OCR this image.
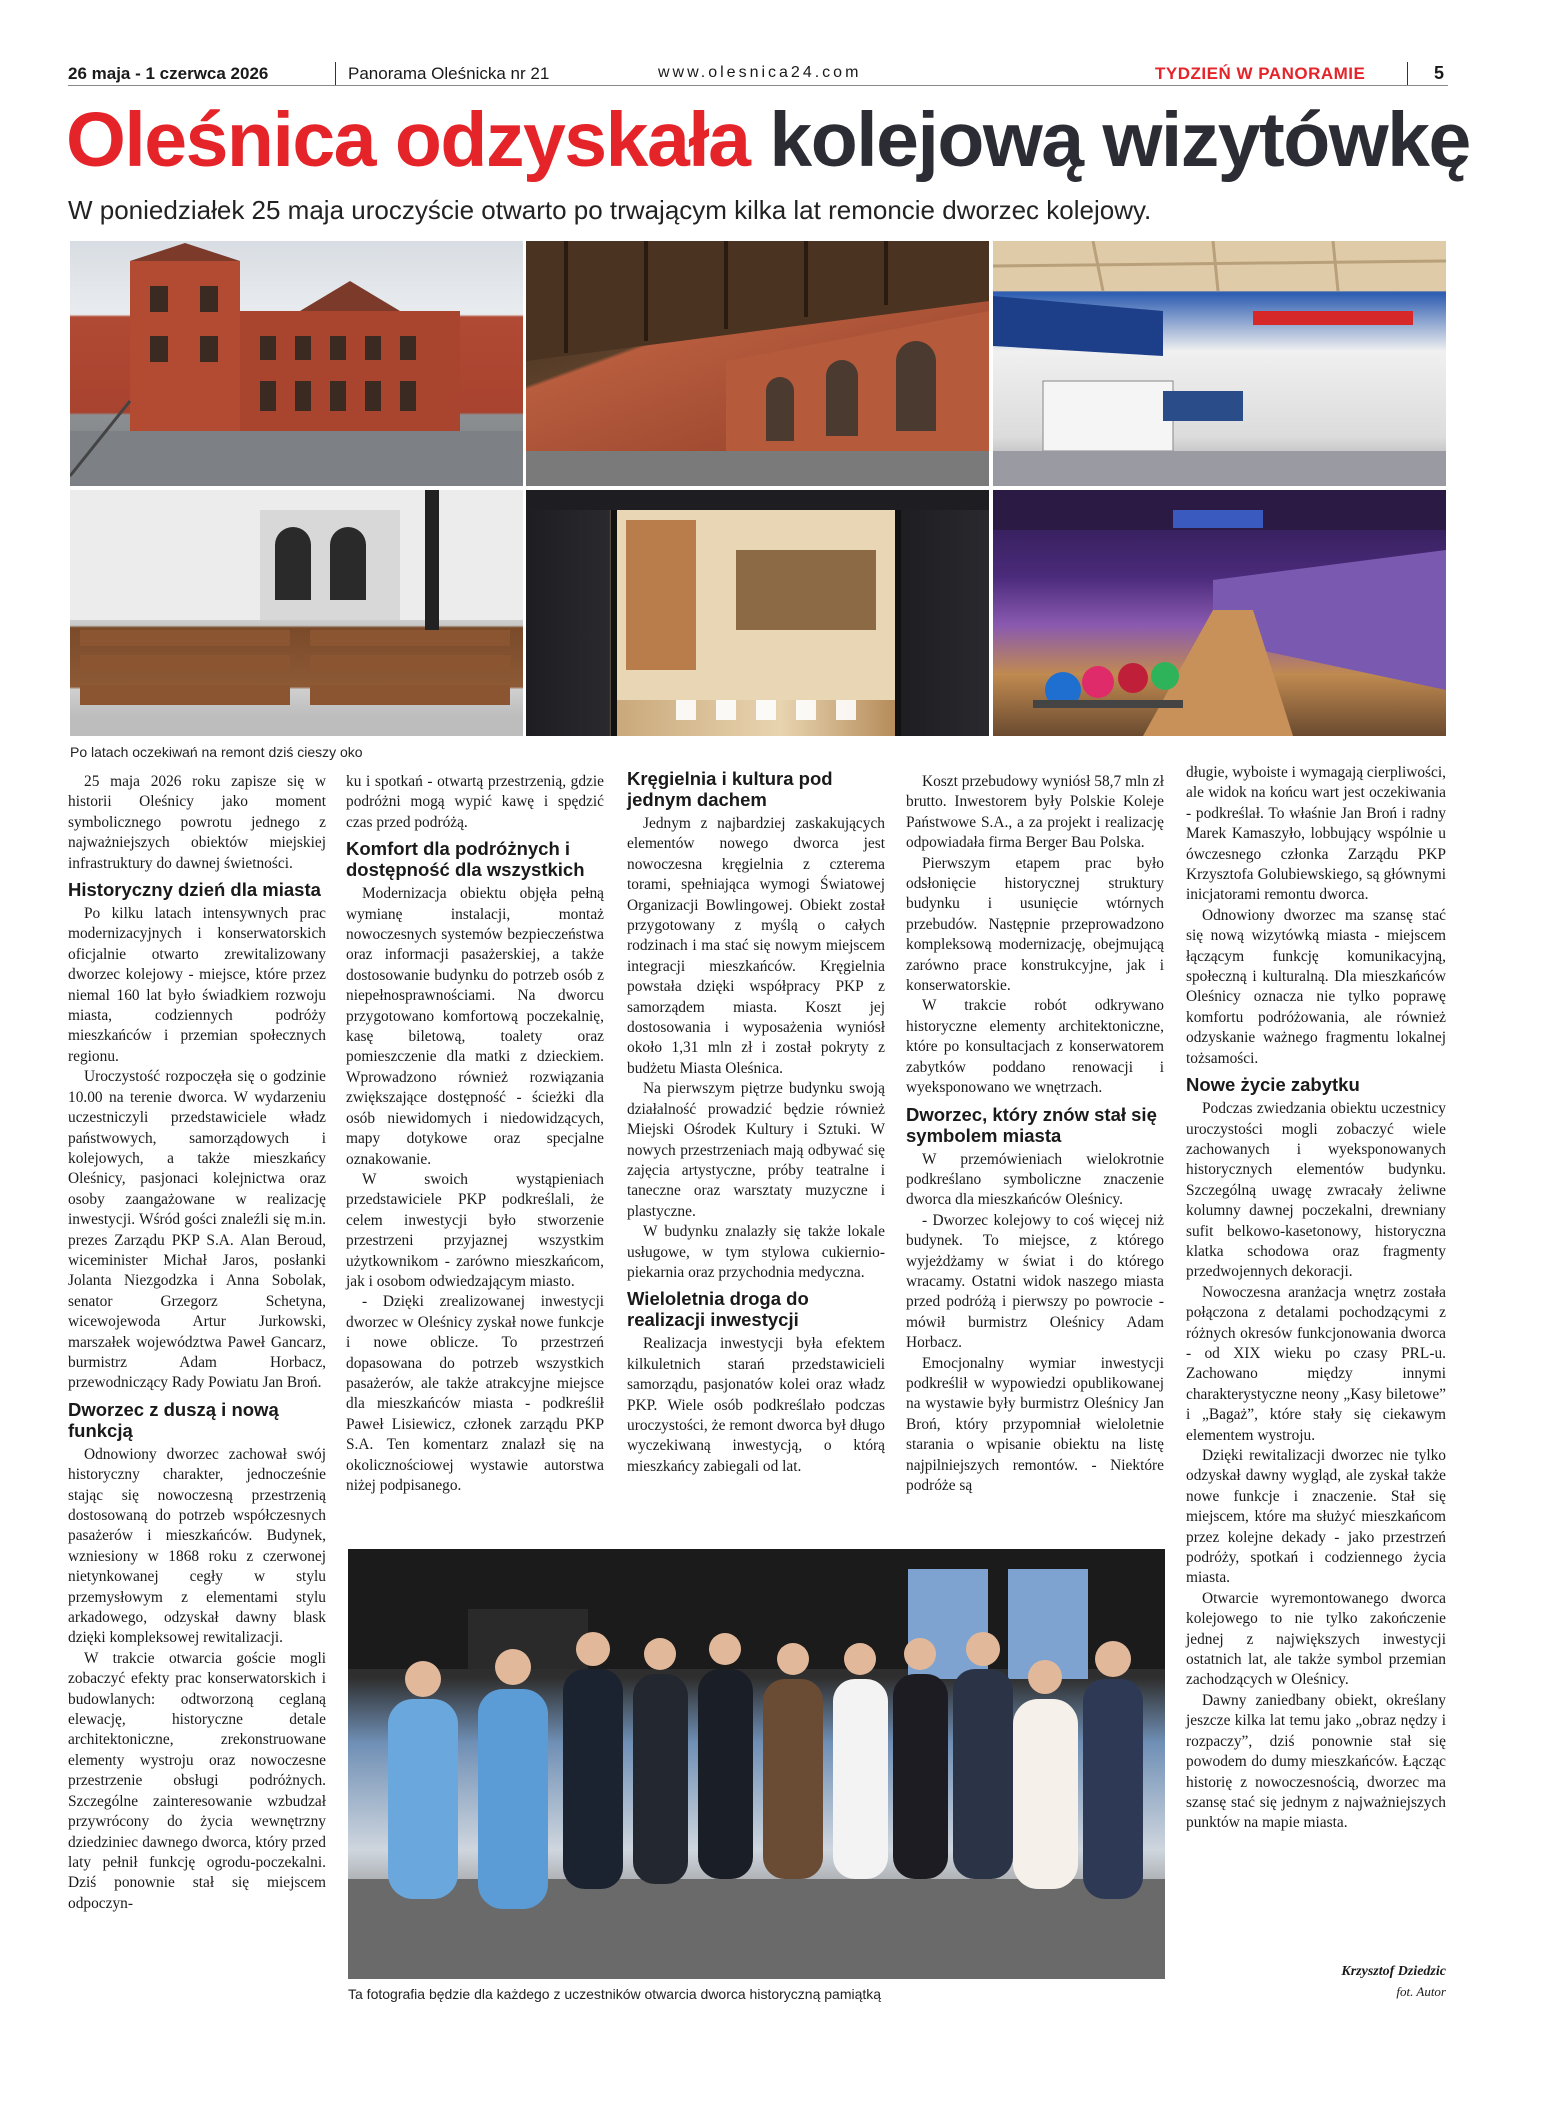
26 maja - 1 czerwca 2026	Panorama Oleśnicka nr 21	www.olesnica24.com	TYDZIEŃ W PANORAMIE	5
Oleśnica odzyskała kolejową wizytówkę
W poniedziałek 25 maja uroczyście otwarto po trwającym kilka lat remoncie dworzec kolejowy.
Po latach oczekiwań na remont dziś cieszy oko
Ta fotografia będzie dla każdego z uczestników otwarcia dworca historyczną pamiątką

25 maja 2026 roku zapisze się w historii Oleśnicy jako moment symbolicznego powrotu jednego z najważniejszych obiektów miejskiej infrastruktury do dawnej świetności.

Historyczny dzień dla miasta

Po kilku latach intensywnych prac modernizacyjnych i konserwatorskich oficjalnie otwarto zrewitalizowany dworzec kolejowy - miejsce, które przez niemal 160 lat było świadkiem rozwoju miasta, codziennych podróży mieszkańców i przemian społecznych regionu.

Uroczystość rozpoczęła się o godzinie 10.00 na terenie dworca. W wydarzeniu uczestniczyli przedstawiciele władz państwowych, samorządowych i kolejowych, a także mieszkańcy Oleśnicy, pasjonaci kolejnictwa oraz osoby zaangażowane w realizację inwestycji. Wśród gości znaleźli się m.in. prezes Zarządu PKP S.A. Alan Beroud, wiceminister Michał Jaros, posłanki Jolanta Niezgodzka i Anna Sobolak, senator Grzegorz Schetyna, wicewojewoda Artur Jurkowski, marszałek województwa Paweł Gancarz, burmistrz Adam Horbacz, przewodniczący Rady Powiatu Jan Broń.

Dworzec z duszą i nową funkcją

Odnowiony dworzec zachował swój historyczny charakter, jednocześnie stając się nowoczesną przestrzenią dostosowaną do potrzeb współczesnych pasażerów i mieszkańców. Budynek, wzniesiony w 1868 roku z czerwonej nietynkowanej cegły w stylu przemysłowym z elementami stylu arkadowego, odzyskał dawny blask dzięki kompleksowej rewitalizacji.

W trakcie otwarcia goście mogli zobaczyć efekty prac konserwatorskich i budowlanych: odtworzoną ceglaną elewację, historyczne detale architektoniczne, zrekonstruowane elementy wystroju oraz nowoczesne przestrzenie obsługi podróżnych. Szczególne zainteresowanie wzbudzał przywrócony do życia wewnętrzny dziedziniec dawnego dworca, który przed laty pełnił funkcję ogrodu-poczekalni. Dziś ponownie stał się miejscem odpoczyn-

ku i spotkań - otwartą przestrzenią, gdzie podróżni mogą wypić kawę i spędzić czas przed podróżą.

Komfort dla podróżnych i dostępność dla wszystkich

Modernizacja obiektu objęła pełną wymianę instalacji, montaż nowoczesnych systemów bezpieczeństwa oraz informacji pasażerskiej, a także dostosowanie budynku do potrzeb osób z niepełnosprawnościami. Na dworcu przygotowano komfortową poczekalnię, kasę biletową, toalety oraz pomieszczenie dla matki z dzieckiem. Wprowadzono również rozwiązania zwiększające dostępność - ścieżki dla osób niewidomych i niedowidzących, mapy dotykowe oraz specjalne oznakowanie.

W swoich wystąpieniach przedstawiciele PKP podkreślali, że celem inwestycji było stworzenie przestrzeni przyjaznej wszystkim użytkownikom - zarówno mieszkańcom, jak i osobom odwiedzającym miasto.

- Dzięki zrealizowanej inwestycji dworzec w Oleśnicy zyskał nowe funkcje i nowe oblicze. To przestrzeń dopasowana do potrzeb wszystkich pasażerów, ale także atrakcyjne miejsce dla mieszkańców miasta - podkreślił Paweł Lisiewicz, członek zarządu PKP S.A. Ten komentarz znalazł się na okolicznościowej wystawie autorstwa niżej podpisanego.

Kręgielnia i kultura pod jednym dachem

Jednym z najbardziej zaskakujących elementów nowego dworca jest nowoczesna kręgielnia z czterema torami, spełniająca wymogi Światowej Organizacji Bowlingowej. Obiekt został przygotowany z myślą o całych rodzinach i ma stać się nowym miejscem integracji mieszkańców. Kręgielnia powstała dzięki współpracy PKP z samorządem miasta. Koszt jej dostosowania i wyposażenia wyniósł około 1,31 mln zł i został pokryty z budżetu Miasta Oleśnica.

Na pierwszym piętrze budynku swoją działalność prowadzić będzie również Miejski Ośrodek Kultury i Sztuki. W nowych przestrzeniach mają odbywać się zajęcia artystyczne, próby teatralne i taneczne oraz warsztaty muzyczne i plastyczne.

W budynku znalazły się także lokale usługowe, w tym stylowa cukiernio-piekarnia oraz przychodnia medyczna.

Wieloletnia droga do realizacji inwestycji

Realizacja inwestycji była efektem kilkuletnich starań przedstawicieli samorządu, pasjonatów kolei oraz władz PKP. Wiele osób podkreślało podczas uroczystości, że remont dworca był długo wyczekiwaną inwestycją, o którą mieszkańcy zabiegali od lat.

Koszt przebudowy wyniósł 58,7 mln zł brutto. Inwestorem były Polskie Koleje Państwowe S.A., a za projekt i realizację odpowiadała firma Berger Bau Polska.

Pierwszym etapem prac było odsłonięcie historycznej struktury budynku i usunięcie wtórnych przebudów. Następnie przeprowadzono kompleksową modernizację, obejmującą zarówno prace konstrukcyjne, jak i konserwatorskie.

W trakcie robót odkrywano historyczne elementy architektoniczne, które po konsultacjach z konserwatorem zabytków poddano renowacji i wyeksponowano we wnętrzach.

Dworzec, który znów stał się symbolem miasta

W przemówieniach wielokrotnie podkreślano symboliczne znaczenie dworca dla mieszkańców Oleśnicy.

- Dworzec kolejowy to coś więcej niż budynek. To miejsce, z którego wyjeżdżamy w świat i do którego wracamy. Ostatni widok naszego miasta przed podróżą i pierwszy po powrocie - mówił burmistrz Oleśnicy Adam Horbacz.

Emocjonalny wymiar inwestycji podkreślił w wypowiedzi opublikowanej na wystawie były burmistrz Oleśnicy Jan Broń, który przypomniał wieloletnie starania o wpisanie obiektu na listę najpilniejszych remontów. - Niektóre podróże są

długie, wyboiste i wymagają cierpliwości, ale widok na końcu wart jest oczekiwania - podkreślał. To właśnie Jan Broń i radny Marek Kamaszyło, lobbujący wspólnie u ówczesnego członka Zarządu PKP Krzysztofa Golubiewskiego, są głównymi inicjatorami remontu dworca.

Odnowiony dworzec ma szansę stać się nową wizytówką miasta - miejscem łączącym funkcję komunikacyjną, społeczną i kulturalną. Dla mieszkańców Oleśnicy oznacza nie tylko poprawę komfortu podróżowania, ale również odzyskanie ważnego fragmentu lokalnej tożsamości.

Nowe życie zabytku

Podczas zwiedzania obiektu uczestnicy uroczystości mogli zobaczyć wiele zachowanych i wyeksponowanych historycznych elementów budynku. Szczególną uwagę zwracały żeliwne kolumny dawnej poczekalni, drewniany sufit belkowo-kasetonowy, historyczna klatka schodowa oraz fragmenty przedwojennych dekoracji.

Nowoczesna aranżacja wnętrz została połączona z detalami pochodzącymi z różnych okresów funkcjonowania dworca - od XIX wieku po czasy PRL-u. Zachowano między innymi charakterystyczne neony „Kasy biletowe” i „Bagaż”, które stały się ciekawym elementem wystroju.

Dzięki rewitalizacji dworzec nie tylko odzyskał dawny wygląd, ale zyskał także nowe funkcje i znaczenie. Stał się miejscem, które ma służyć mieszkańcom przez kolejne dekady - jako przestrzeń podróży, spotkań i codziennego życia miasta.

Otwarcie wyremontowanego dworca kolejowego to nie tylko zakończenie jednej z największych inwestycji ostatnich lat, ale także symbol przemian zachodzących w Oleśnicy.

Dawny zaniedbany obiekt, określany jeszcze kilka lat temu jako „obraz nędzy i rozpaczy”, dziś ponownie stał się powodem do dumy mieszkańców. Łącząc historię z nowoczesnością, dworzec ma szansę stać się jednym z najważniejszych punktów na mapie miasta.

Krzysztof Dziedzic
fot. Autor
